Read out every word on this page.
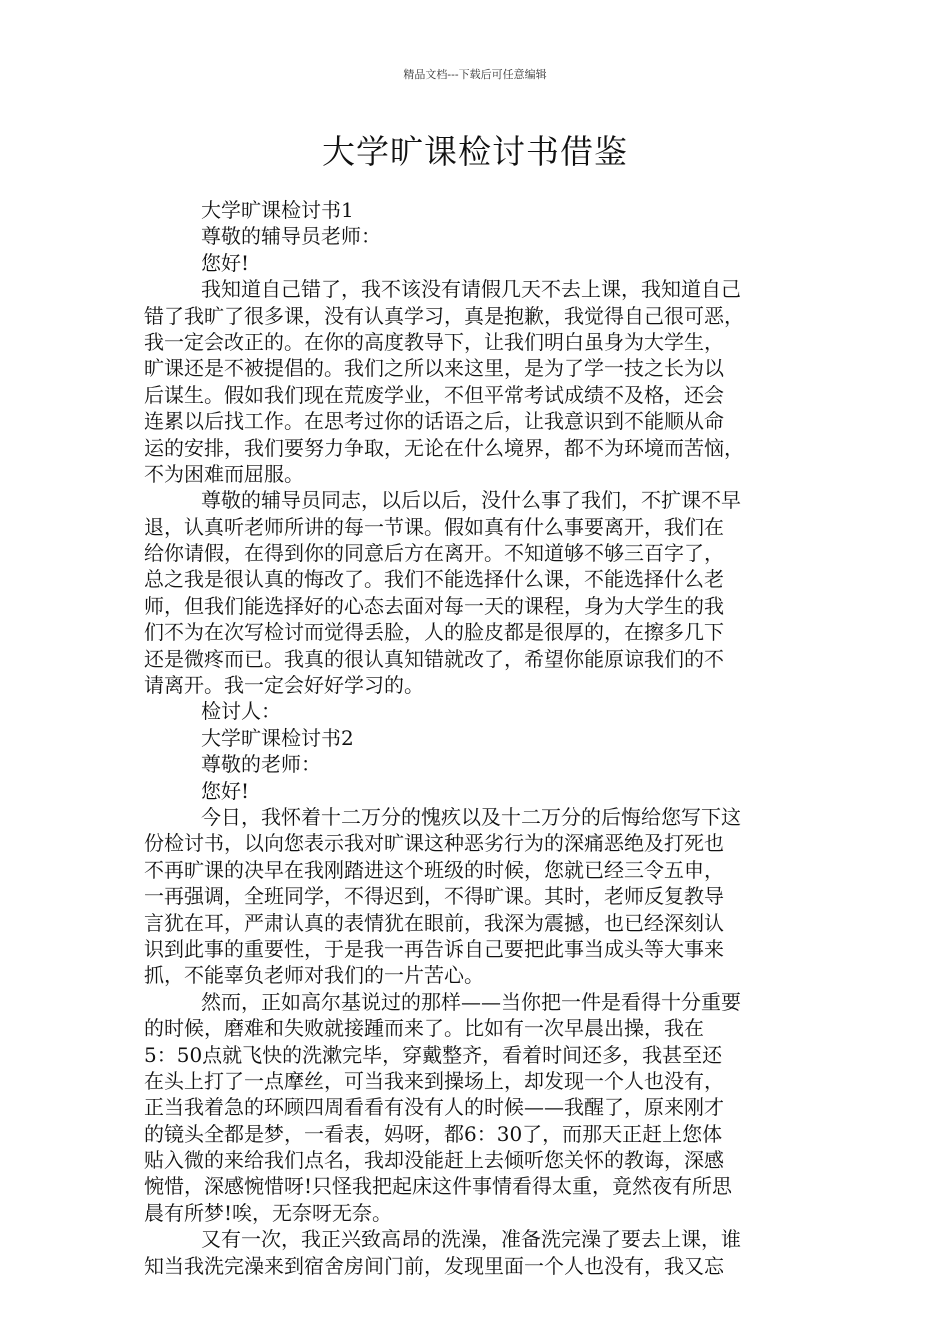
精品文档---下载后可任意编辑
大学旷课检讨书借鉴
大学旷课检讨书1
尊敬的辅导员老师：
您好!
我知道自己错了，我不该没有请假几天不去上课，我知道自己
错了我旷了很多课，没有认真学习，真是抱歉，我觉得自己很可恶，
我一定会改正的。在你的高度教导下，让我们明白虽身为大学生，
旷课还是不被提倡的。我们之所以来这里，是为了学一技之长为以
后谋生。假如我们现在荒废学业，不但平常考试成绩不及格，还会
连累以后找工作。在思考过你的话语之后，让我意识到不能顺从命
运的安排，我们要努力争取，无论在什么境界，都不为环境而苦恼，
不为困难而屈服。
尊敬的辅导员同志，以后以后，没什么事了我们，不扩课不早
退，认真听老师所讲的每一节课。假如真有什么事要离开，我们在
给你请假，在得到你的同意后方在离开。不知道够不够三百字了，
总之我是很认真的悔改了。我们不能选择什么课，不能选择什么老
师，但我们能选择好的心态去面对每一天的课程，身为大学生的我
们不为在次写检讨而觉得丢脸，人的脸皮都是很厚的，在擦多几下
还是微疼而已。我真的很认真知错就改了，希望你能原谅我们的不
请离开。我一定会好好学习的。
检讨人：
大学旷课检讨书2
尊敬的老师：
您好!
今日，我怀着十二万分的愧疚以及十二万分的后悔给您写下这
份检讨书，以向您表示我对旷课这种恶劣行为的深痛恶绝及打死也
不再旷课的决早在我刚踏进这个班级的时候，您就已经三令五申，
一再强调，全班同学，不得迟到，不得旷课。其时，老师反复教导
言犹在耳，严肃认真的表情犹在眼前，我深为震撼，也已经深刻认
识到此事的重要性，于是我一再告诉自己要把此事当成头等大事来
抓，不能辜负老师对我们的一片苦心。
然而，正如高尔基说过的那样——当你把一件是看得十分重要
的时候，磨难和失败就接踵而来了。比如有一次早晨出操，我在
5：50点就飞快的洗漱完毕，穿戴整齐，看着时间还多，我甚至还
在头上打了一点摩丝，可当我来到操场上，却发现一个人也没有，
正当我着急的环顾四周看看有没有人的时候——我醒了，原来刚才
的镜头全都是梦，一看表，妈呀，都6：30了，而那天正赶上您体
贴入微的来给我们点名，我却没能赶上去倾听您关怀的教诲，深感
惋惜，深感惋惜呀!只怪我把起床这件事情看得太重，竟然夜有所思
晨有所梦!唉，无奈呀无奈。
又有一次，我正兴致高昂的洗澡，准备洗完澡了要去上课，谁
知当我洗完澡来到宿舍房间门前，发现里面一个人也没有，我又忘
